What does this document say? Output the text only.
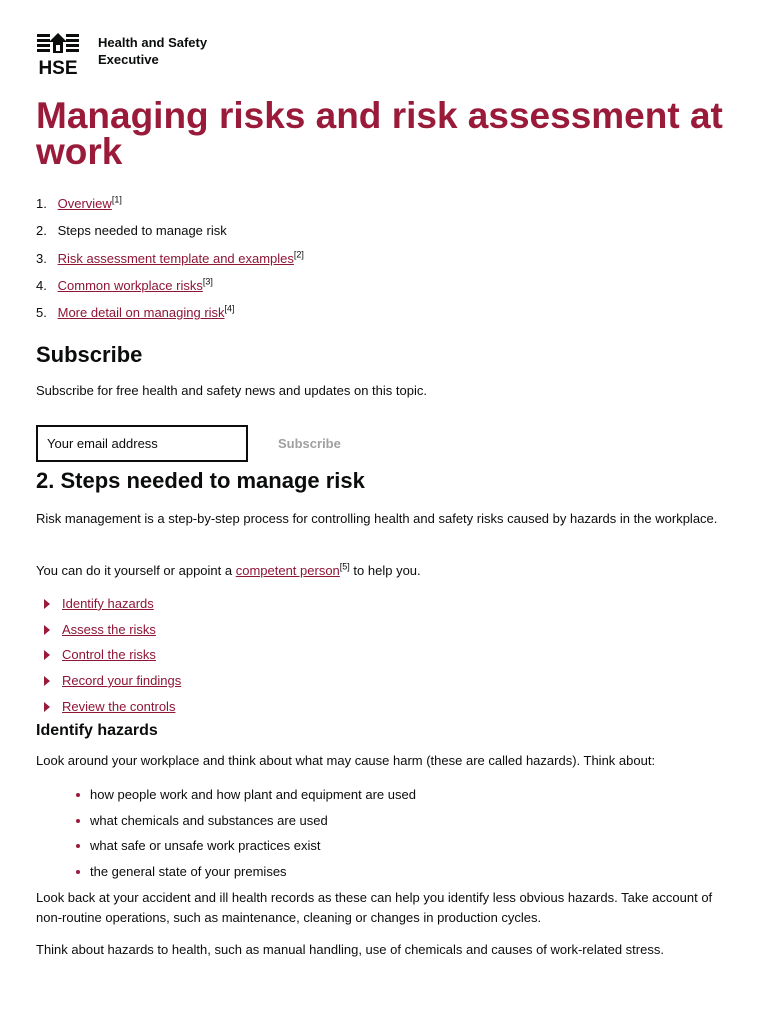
HSE
Health and Safety
Executive
Managing risks and risk assessment at work
1. Overview[1]
2. Steps needed to manage risk
3. Risk assessment template and examples[2]
4. Common workplace risks[3]
5. More detail on managing risk[4]
Subscribe

Subscribe for free health and safety news and updates on this topic.

Your email address
Subscribe
2. Steps needed to manage risk

Risk management is a step-by-step process for controlling health and safety risks caused by hazards in the workplace.

You can do it yourself or appoint a competent person[5] to help you.

Identify hazards
Assess the risks
Control the risks
Record your findings
Review the controls
Identify hazards

Look around your workplace and think about what may cause harm (these are called hazards). Think about:

how people work and how plant and equipment are used
what chemicals and substances are used
what safe or unsafe work practices exist
the general state of your premises

Look back at your accident and ill health records as these can help you identify less obvious hazards. Take account of non-routine operations, such as maintenance, cleaning or changes in production cycles.

Think about hazards to health, such as manual handling, use of chemicals and causes of work-related stress.
